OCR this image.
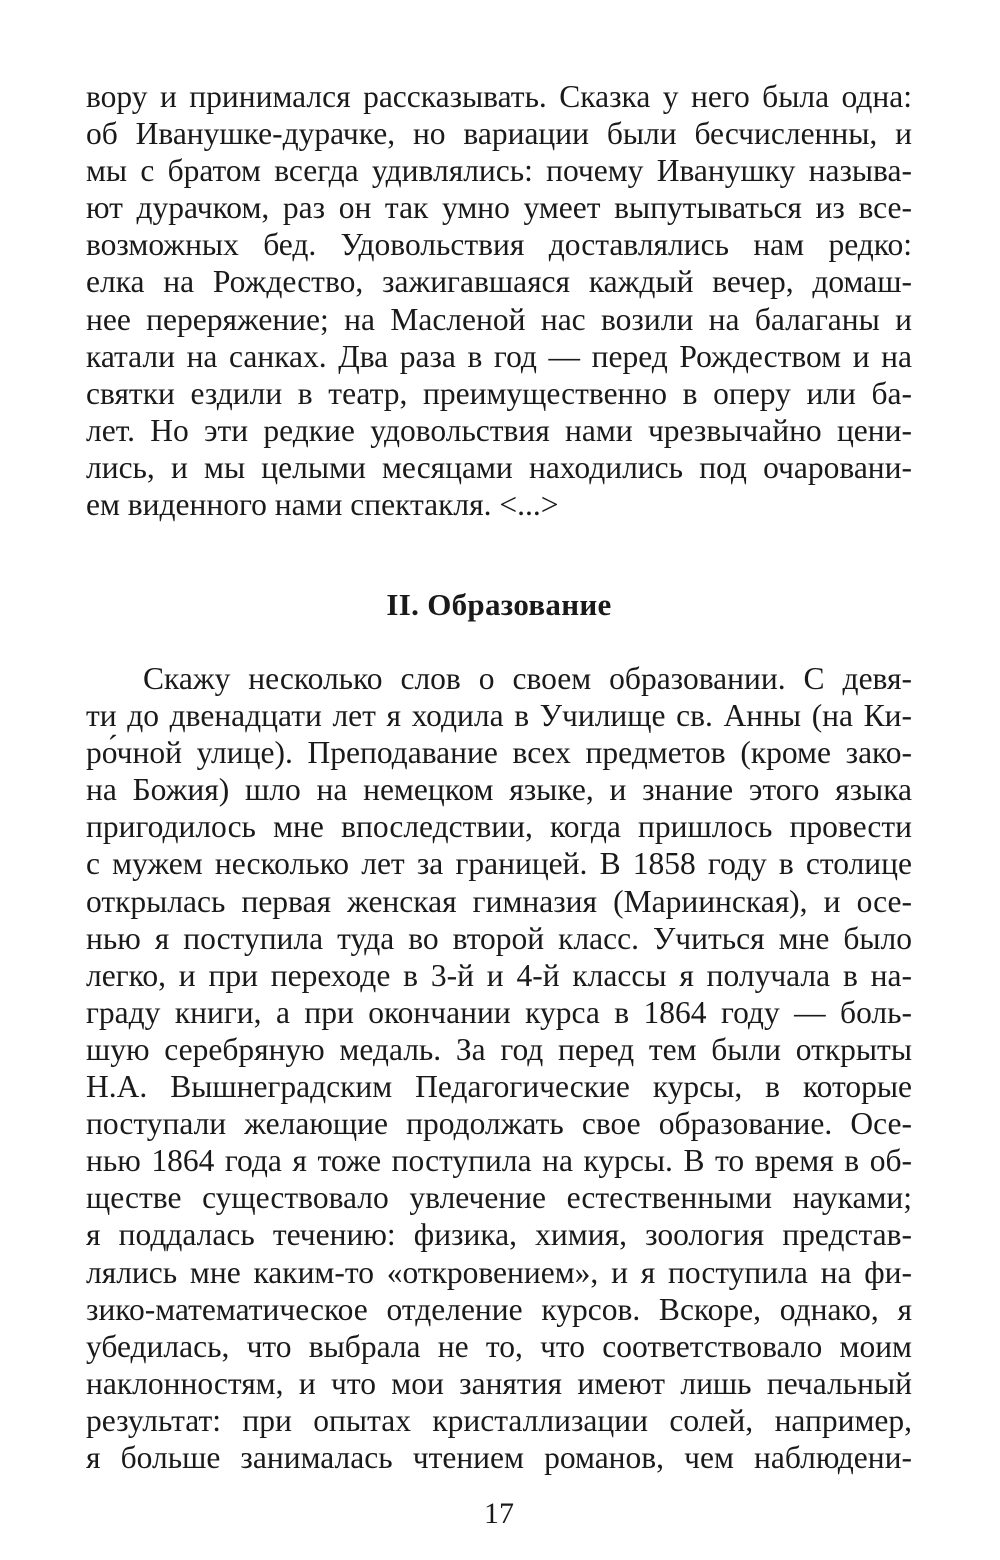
вору и принимался рассказывать. Сказка у него была одна:
об Иванушке-дурачке, но вариации были бесчисленны, и
мы с братом всегда удивлялись: почему Иванушку называ-
ют дурачком, раз он так умно умеет выпутываться из все-
возможных бед. Удовольствия доставлялись нам редко:
елка на Рождество, зажигавшаяся каждый вечер, домаш-
нее переряжение; на Масленой нас возили на балаганы и
катали на санках. Два раза в год — перед Рождеством и на
святки ездили в театр, преимущественно в оперу или ба-
лет. Но эти редкие удовольствия нами чрезвычайно цени-
лись, и мы целыми месяцами находились под очаровани-
ем виденного нами спектакля. <...>
II. Образование
Скажу несколько слов о своем образовании. С девя-
ти до двенадцати лет я ходила в Училище св. Анны (на Ки-
ро́чной улице). Преподавание всех предметов (кроме зако-
на Божия) шло на немецком языке, и знание этого языка
пригодилось мне впоследствии, когда пришлось провести
с мужем несколько лет за границей. В 1858 году в столице
открылась первая женская гимназия (Мариинская), и осе-
нью я поступила туда во второй класс. Учиться мне было
легко, и при переходе в 3-й и 4-й классы я получала в на-
граду книги, а при окончании курса в 1864 году — боль-
шую серебряную медаль. За год перед тем были открыты
Н.А. Вышнеградским Педагогические курсы, в которые
поступали желающие продолжать свое образование. Осе-
нью 1864 года я тоже поступила на курсы. В то время в об-
ществе существовало увлечение естественными науками;
я поддалась течению: физика, химия, зоология представ-
лялись мне каким-то «откровением», и я поступила на фи-
зико-математическое отделение курсов. Вскоре, однако, я
убедилась, что выбрала не то, что соответствовало моим
наклонностям, и что мои занятия имеют лишь печальный
результат: при опытах кристаллизации солей, например,
я больше занималась чтением романов, чем наблюдени-
17
